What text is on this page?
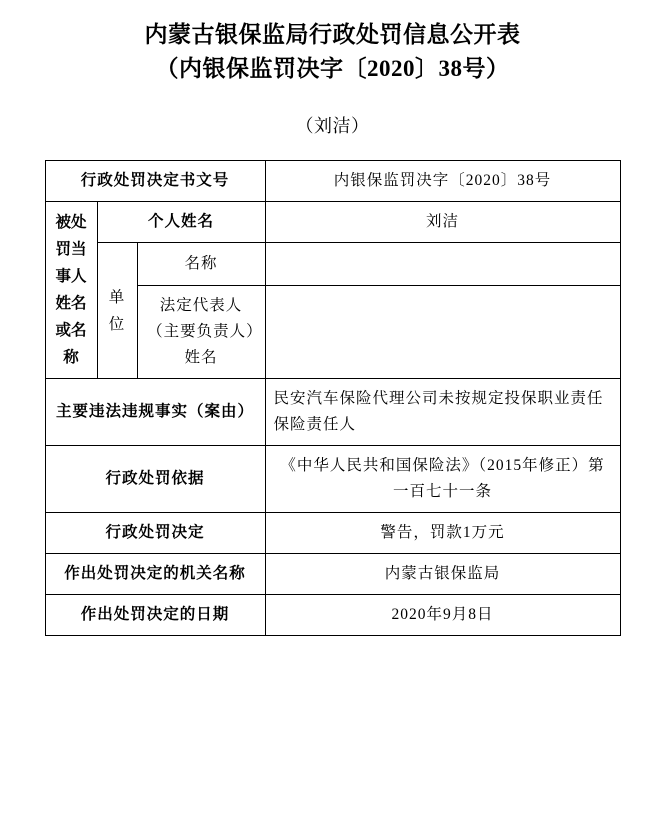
内蒙古银保监局行政处罚信息公开表
（内银保监罚决字〔2020〕38号）
（刘洁）
行政处罚决定书文号			内银保监罚决字〔2020〕38号

被处罚当事人姓名或名称	个人姓名		刘洁

	单位	名称	
		法定代表人（主要负责人）姓名	
主要违法违规事实（案由）			民安汽车保险代理公司未按规定投保职业责任保险责任人
行政处罚依据			《中华人民共和国保险法》（2015年修正）第一百七十一条
行政处罚决定			警告，罚款1万元
作出处罚决定的机关名称			内蒙古银保监局
作出处罚决定的日期			2020年9月8日
